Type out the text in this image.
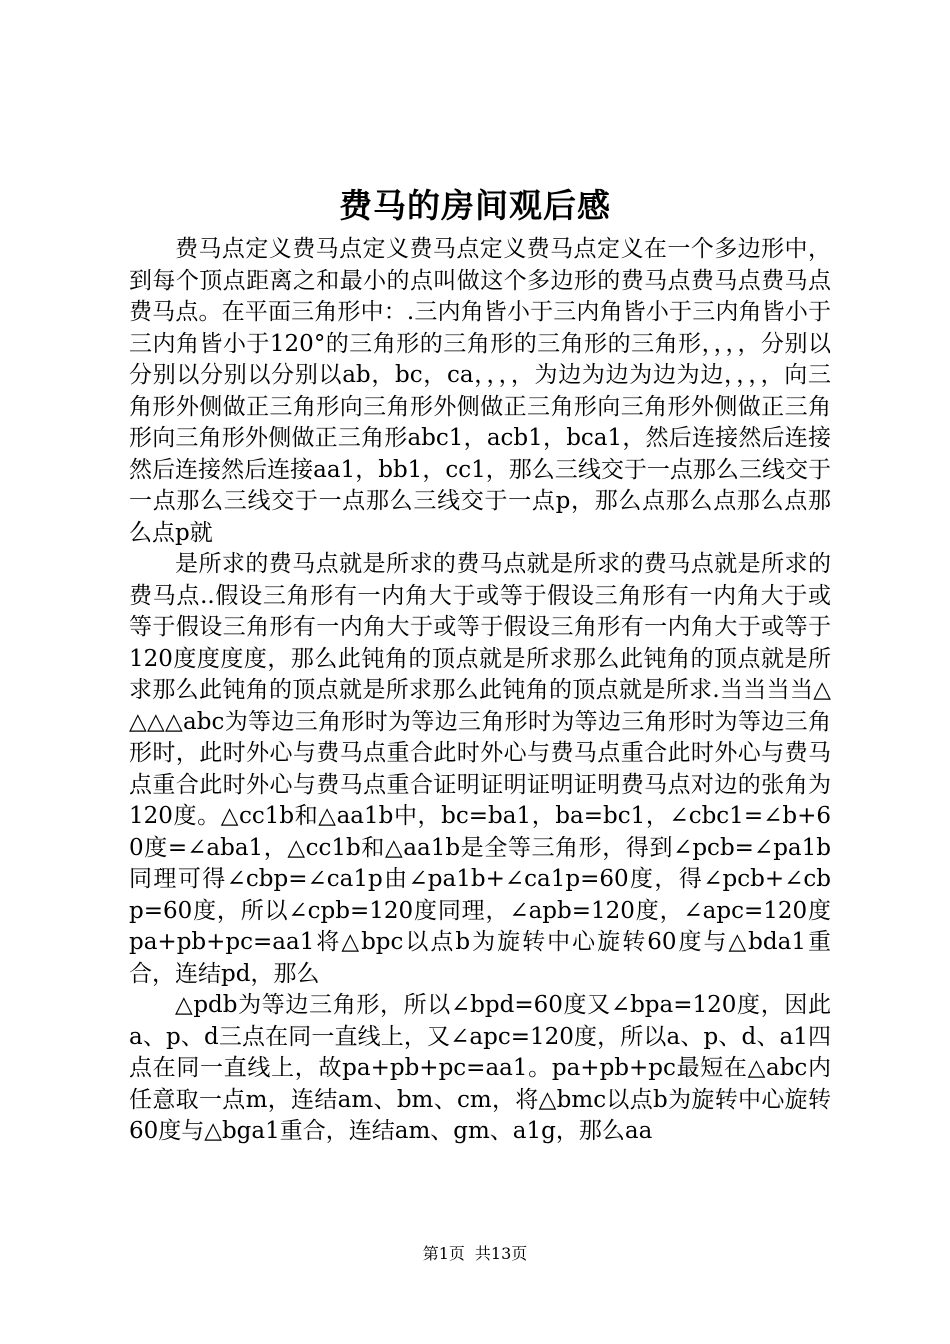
费马的房间观后感

费马点定义费马点定义费马点定义费马点定义在一个多边形中，到每个顶点距离之和最小的点叫做这个多边形的费马点费马点费马点费马点。在平面三角形中：.三内角皆小于三内角皆小于三内角皆小于三内角皆小于120°的三角形的三角形的三角形的三角形，，，，分别以分别以分别以分别以ab，bc，ca，，，，为边为边为边为边，，，，向三角形外侧做正三角形向三角形外侧做正三角形向三角形外侧做正三角形向三角形外侧做正三角形abc1，acb1，bca1，然后连接然后连接然后连接然后连接aa1，bb1，cc1，那么三线交于一点那么三线交于一点那么三线交于一点那么三线交于一点p，那么点那么点那么点那么点p就

是所求的费马点就是所求的费马点就是所求的费马点就是所求的费马点..假设三角形有一内角大于或等于假设三角形有一内角大于或等于假设三角形有一内角大于或等于假设三角形有一内角大于或等于120度度度度，那么此钝角的顶点就是所求那么此钝角的顶点就是所求那么此钝角的顶点就是所求那么此钝角的顶点就是所求.当当当当△△△△abc为等边三角形时为等边三角形时为等边三角形时为等边三角形时，此时外心与费马点重合此时外心与费马点重合此时外心与费马点重合此时外心与费马点重合证明证明证明证明费马点对边的张角为120度。△cc1b和△aa1b中，bc=ba1，ba=bc1，∠cbc1=∠b+60度=∠aba1，△cc1b和△aa1b是全等三角形，得到∠pcb=∠pa1b同理可得∠cbp=∠ca1p由∠pa1b+∠ca1p=60度，得∠pcb+∠cbp=60度，所以∠cpb=120度同理，∠apb=120度，∠apc=120度pa+pb+pc=aa1将△bpc以点b为旋转中心旋转60度与△bda1重合，连结pd，那么

△pdb为等边三角形，所以∠bpd=60度又∠bpa=120度，因此a、p、d三点在同一直线上，又∠apc=120度，所以a、p、d、a1四点在同一直线上，故pa+pb+pc=aa1。pa+pb+pc最短在△abc内任意取一点m，连结am、bm、cm，将△bmc以点b为旋转中心旋转60度与△bga1重合，连结am、gm、a1g，那么aa

第1页 共13页
